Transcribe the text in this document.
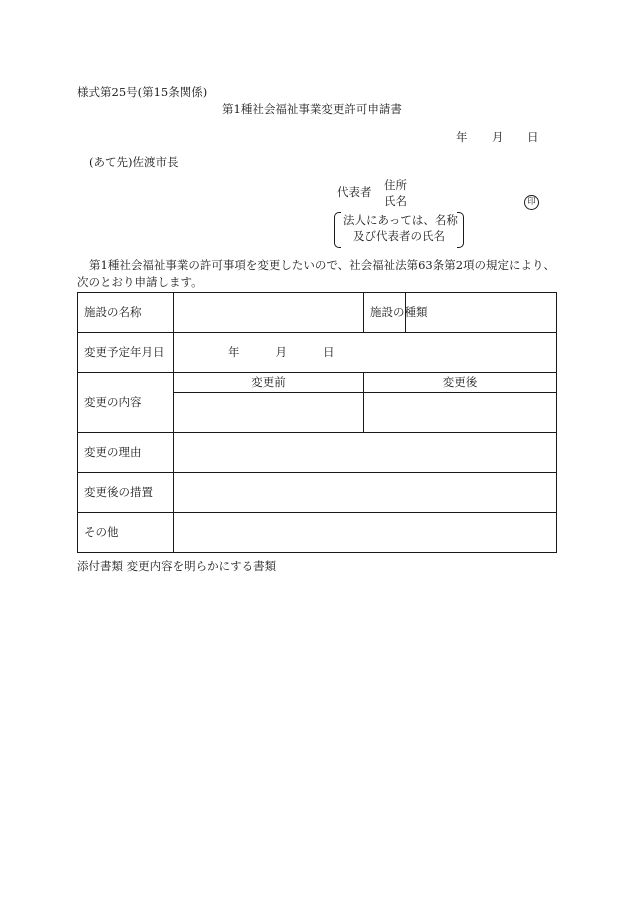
様式第25号(第15条関係)
第1種社会福祉事業変更許可申請書
年 月 日
(あて先)佐渡市長
代表者 住所
氏名	印
法人にあっては、名称
及び代表者の氏名
第1種社会福祉事業の許可事項を変更したいので、社会福祉法第63条第2項の規定により、
次のとおり申請します。
施設の名称		施設の種類	
変更予定年月日	年 月 日		
変更の内容	変更前	変更後	

変更の理由			
変更後の措置			
その他			
添付書類 変更内容を明らかにする書類
